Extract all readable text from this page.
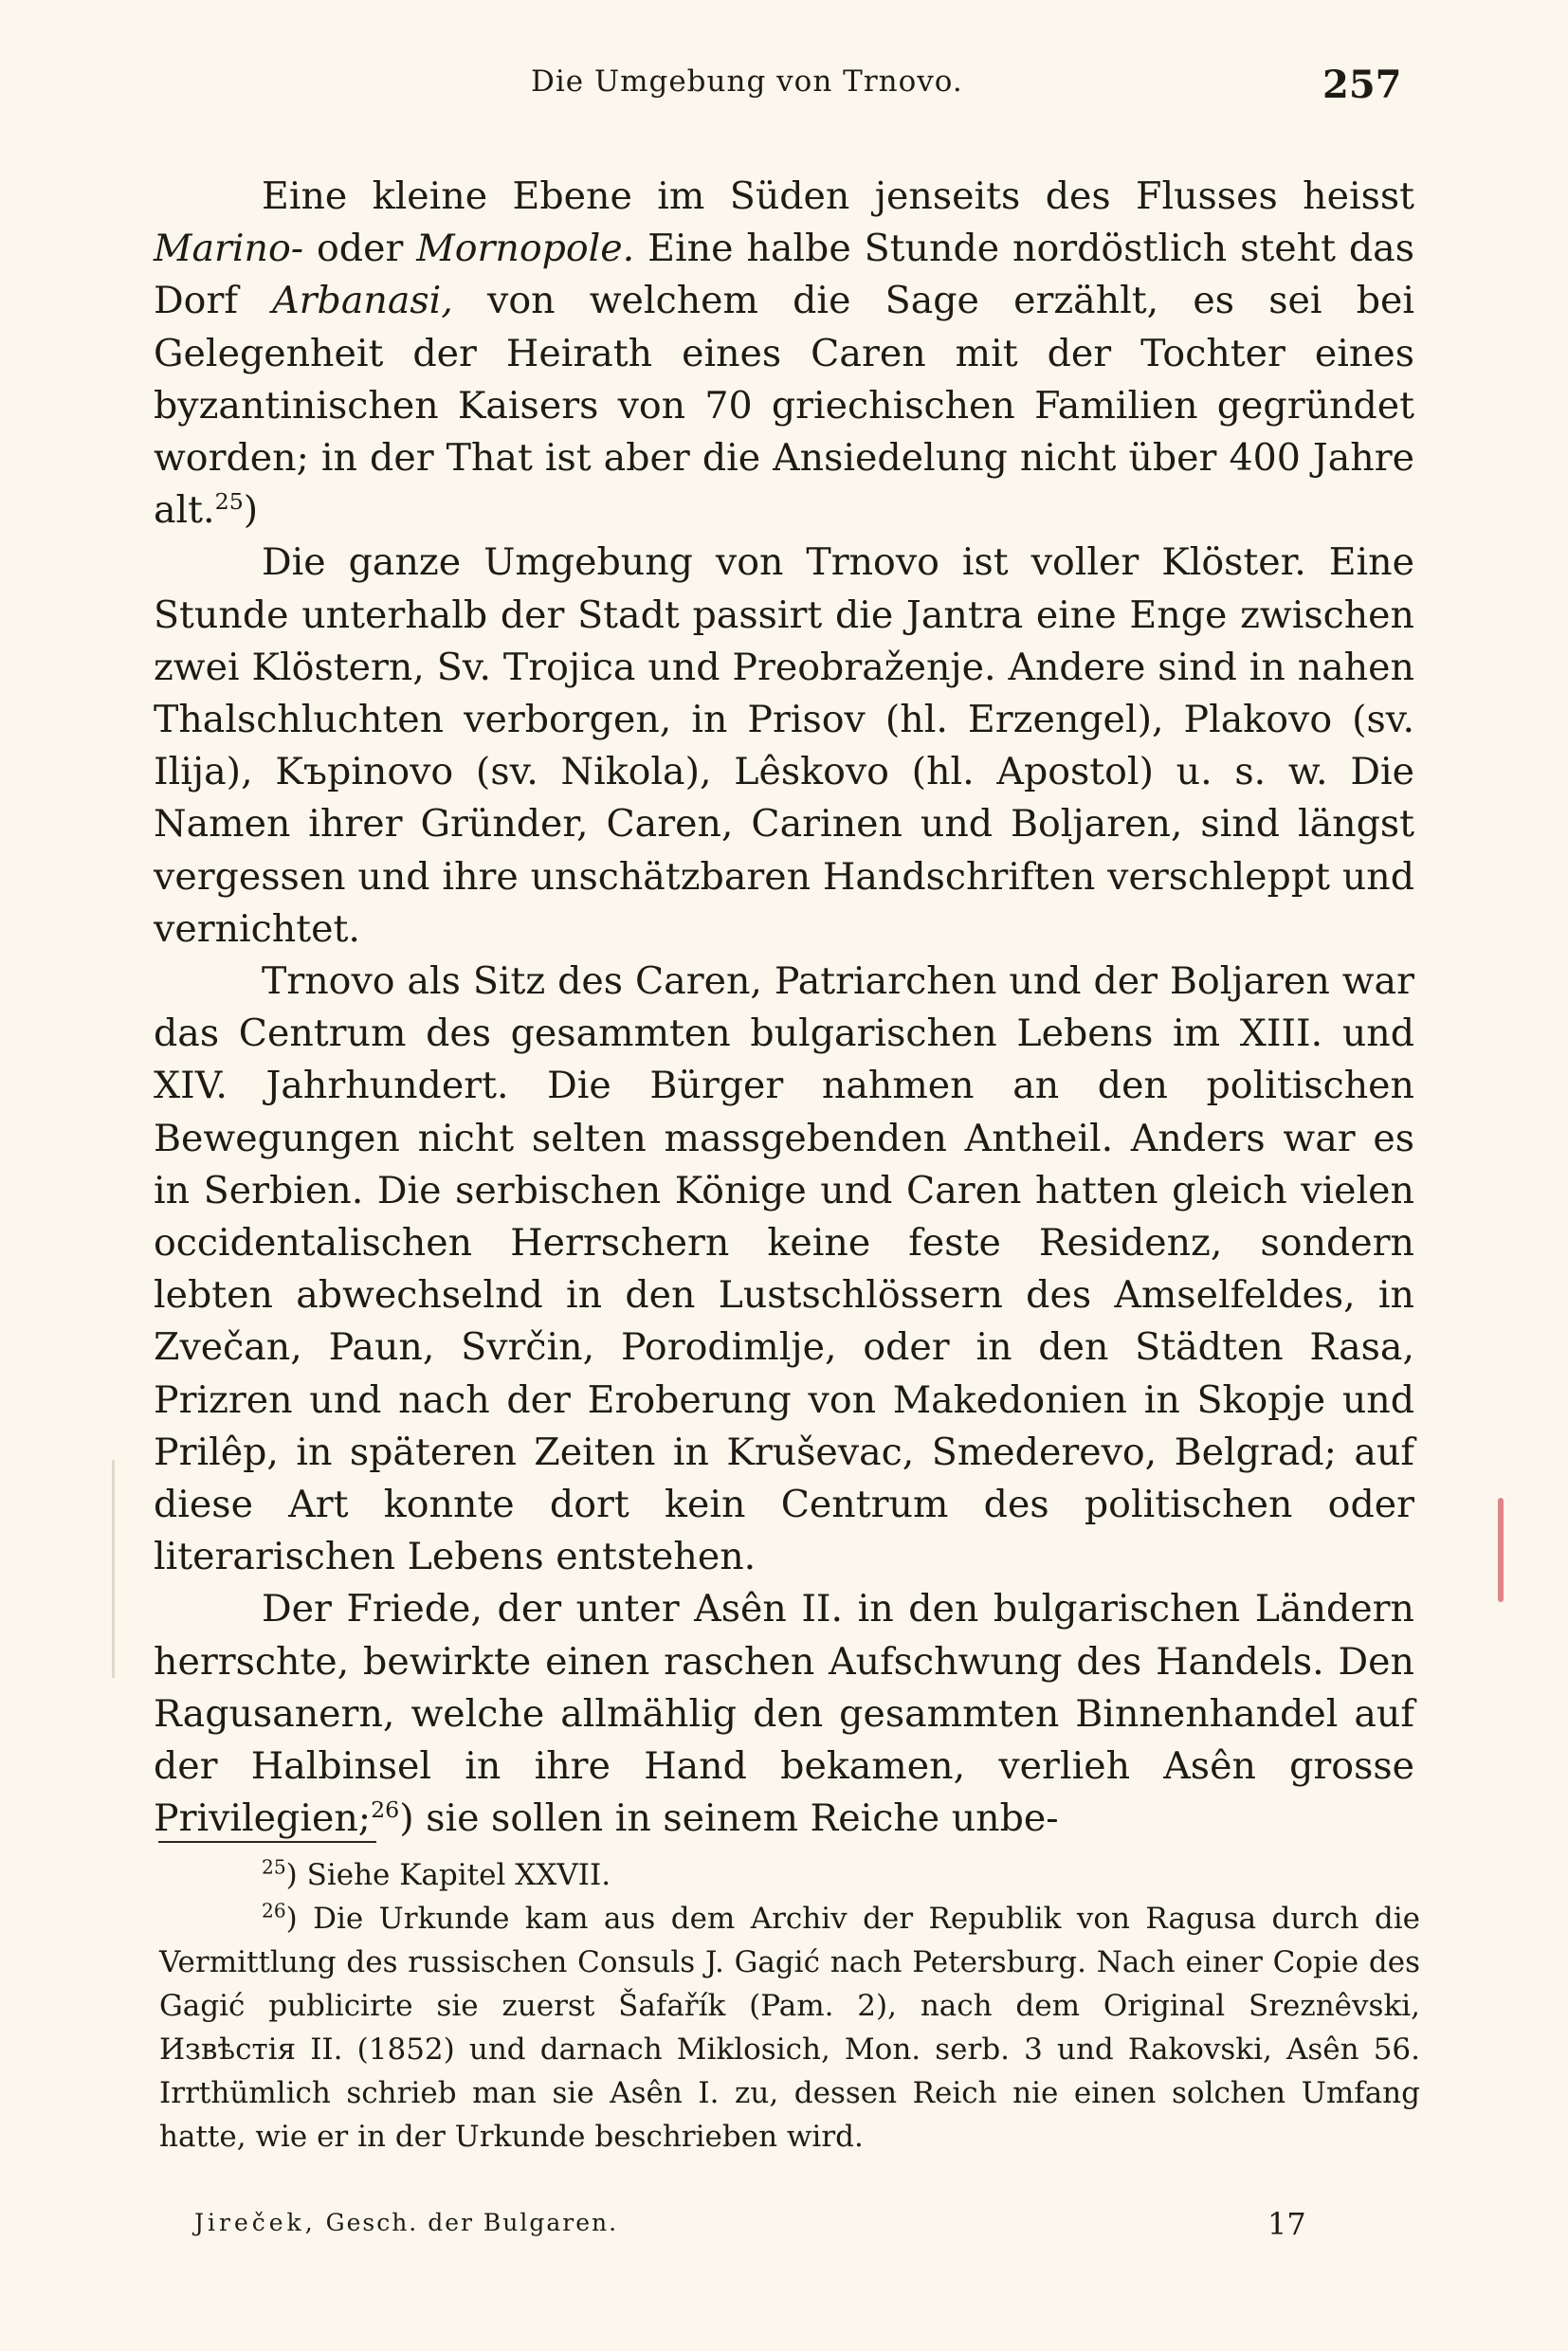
Die Umgebung von Trnovo.	257

Eine kleine Ebene im Süden jenseits des Flusses heisst Marino- oder Mornopole. Eine halbe Stunde nordöstlich steht das Dorf Arbanasi, von welchem die Sage erzählt, es sei bei Gelegenheit der Heirath eines Caren mit der Tochter eines byzantinischen Kaisers von 70 griechischen Familien gegründet worden; in der That ist aber die Ansiedelung nicht über 400 Jahre alt.$^{25}$)

Die ganze Umgebung von Trnovo ist voller Klöster. Eine Stunde unterhalb der Stadt passirt die Jantra eine Enge zwischen zwei Klöstern, Sv. Trojica und Preobraženje. Andere sind in nahen Thalschluchten verborgen, in Prisov (hl. Erzengel), Plakovo (sv. Ilija), Kъpinovo (sv. Nikola), Lêskovo (hl. Apostol) u. s. w. Die Namen ihrer Gründer, Caren, Carinen und Boljaren, sind längst vergessen und ihre unschätzbaren Handschriften verschleppt und vernichtet.

Trnovo als Sitz des Caren, Patriarchen und der Boljaren war das Centrum des gesammten bulgarischen Lebens im XIII. und XIV. Jahrhundert. Die Bürger nahmen an den politischen Bewegungen nicht selten massgebenden Antheil. Anders war es in Serbien. Die serbischen Könige und Caren hatten gleich vielen occidentalischen Herrschern keine feste Residenz, sondern lebten abwechselnd in den Lustschlössern des Amselfeldes, in Zvečan, Paun, Svrčin, Porodimlje, oder in den Städten Rasa, Prizren und nach der Eroberung von Makedonien in Skopje und Prilêp, in späteren Zeiten in Kruševac, Smederevo, Belgrad; auf diese Art konnte dort kein Centrum des politischen oder literarischen Lebens entstehen.

Der Friede, der unter Asên II. in den bulgarischen Ländern herrschte, bewirkte einen raschen Aufschwung des Handels. Den Ragusanern, welche allmählig den gesammten Binnenhandel auf der Halbinsel in ihre Hand bekamen, verlieh Asên grosse Privilegien;$^{26}$) sie sollen in seinem Reiche unbe-

$^{25}$) Siehe Kapitel XXVII.

$^{26}$) Die Urkunde kam aus dem Archiv der Republik von Ragusa durch die Vermittlung des russischen Consuls J. Gagić nach Petersburg. Nach einer Copie des Gagić publicirte sie zuerst Šafařík (Pam. 2), nach dem Original Sreznêvski, Извѣстія II. (1852) und darnach Miklosich, Mon. serb. 3 und Rakovski, Asên 56. Irrthümlich schrieb man sie Asên I. zu, dessen Reich nie einen solchen Umfang hatte, wie er in der Urkunde beschrieben wird.

Jireček, Gesch. der Bulgaren.	17
